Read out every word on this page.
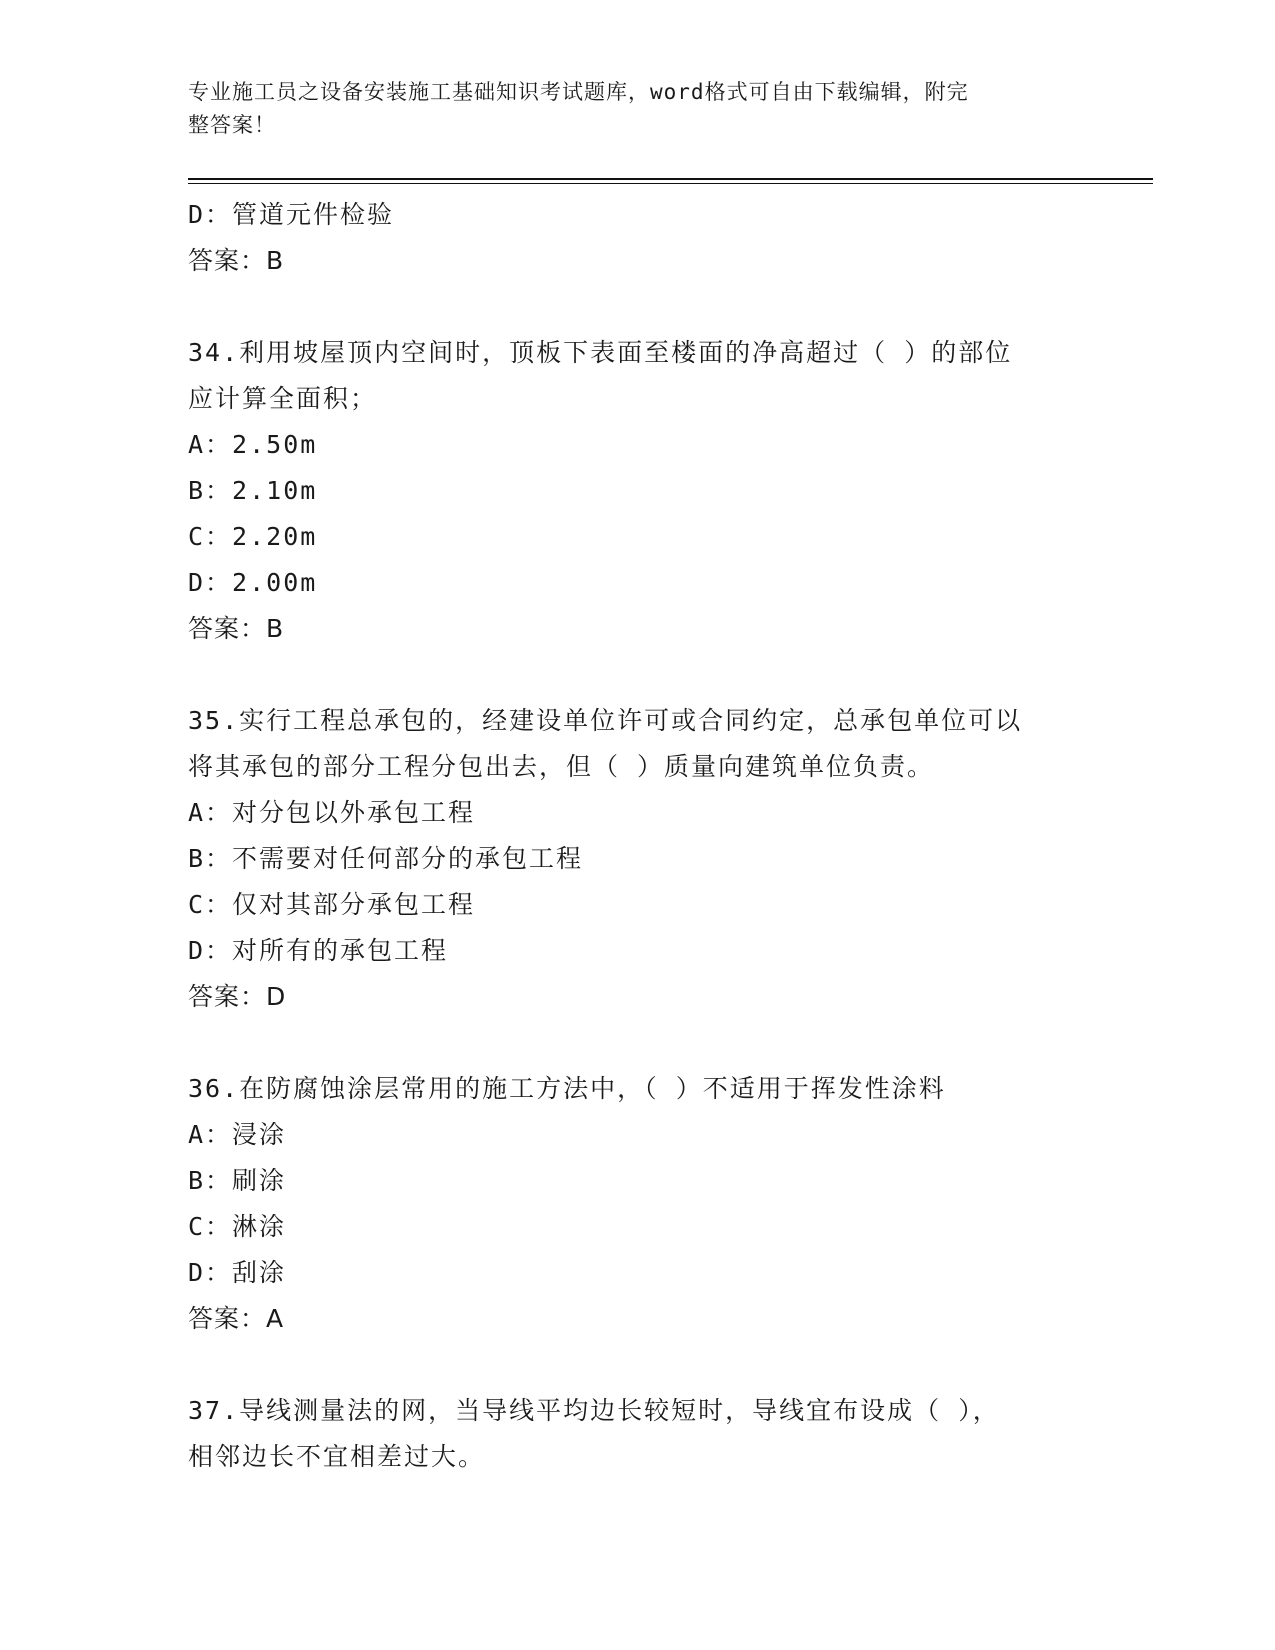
专业施工员之设备安装施工基础知识考试题库，word格式可自由下载编辑，附完
整答案！
D：管道元件检验
答案：B
34.利用坡屋顶内空间时，顶板下表面至楼面的净高超过（ ）的部位
应计算全面积；
A：2.50m
B：2.10m
C：2.20m
D：2.00m
答案：B
35.实行工程总承包的，经建设单位许可或合同约定，总承包单位可以
将其承包的部分工程分包出去，但（ ）质量向建筑单位负责。
A：对分包以外承包工程
B：不需要对任何部分的承包工程
C：仅对其部分承包工程
D：对所有的承包工程
答案：D
36.在防腐蚀涂层常用的施工方法中，（ ）不适用于挥发性涂料
A：浸涂
B：刷涂
C：淋涂
D：刮涂
答案：A
37.导线测量法的网，当导线平均边长较短时，导线宜布设成（ ），
相邻边长不宜相差过大。
